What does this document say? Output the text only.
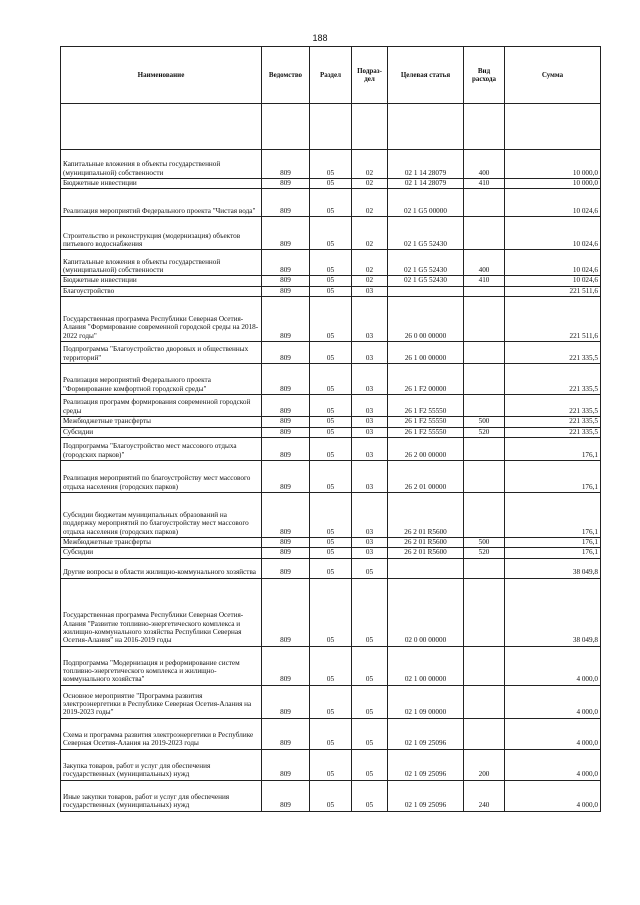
188
Наименование	Ведомство	Раздел	Подраз-дел	Целевая статья	Вид расхода	Сумма

Капитальные вложения в объекты государственной (муниципальной) собственности	809	05	02	02 1 14 28079	400	10 000,0
Бюджетные инвестиции	809	05	02	02 1 14 28079	410	10 000,0
Реализация мероприятий Федерального проекта "Чистая вода"	809	05	02	02 1 G5 00000		10 024,6
Строительство и реконструкция (модернизация) объектов питьевого водоснабжения	809	05	02	02 1 G5 52430		10 024,6
Капитальные вложения в объекты государственной (муниципальной) собственности	809	05	02	02 1 G5 52430	400	10 024,6
Бюджетные инвестиции	809	05	02	02 1 G5 52430	410	10 024,6
Благоустройство	809	05	03			221 511,6
Государственная программа Республики Северная Осетия-Алания "Формирование современной городской среды на 2018-2022 годы"	809	05	03	26 0 00 00000		221 511,6
Подпрограмма "Благоустройство дворовых и общественных территорий"	809	05	03	26 1 00 00000		221 335,5
Реализация мероприятий Федерального проекта "Формирование комфортной городской среды"	809	05	03	26 1 F2 00000		221 335,5
Реализация программ формирования современной городской среды	809	05	03	26 1 F2 55550		221 335,5
Межбюджетные трансферты	809	05	03	26 1 F2 55550	500	221 335,5
Субсидии	809	05	03	26 1 F2 55550	520	221 335,5
Подпрограмма "Благоустройство мест массового отдыха (городских парков)"	809	05	03	26 2 00 00000		176,1
Реализация мероприятий по благоустройству мест массового отдыха населения (городских парков)	809	05	03	26 2 01 00000		176,1
Субсидии бюджетам муниципальных образований на поддержку мероприятий по благоустройству мест массового отдыха населения (городских парков)	809	05	03	26 2 01 R5600		176,1
Межбюджетные трансферты	809	05	03	26 2 01 R5600	500	176,1
Субсидии	809	05	03	26 2 01 R5600	520	176,1
Другие вопросы в области жилищно-коммунального хозяйства	809	05	05			38 049,8
Государственная программа Республики Северная Осетия-Алания "Развитие топливно-энергетического комплекса и жилищно-коммунального хозяйства Республики Северная Осетия-Алания" на 2016-2019 годы	809	05	05	02 0 00 00000		38 049,8
Подпрограмма "Модернизация и реформирование систем топливно-энергетического комплекса и жилищно-коммунального хозяйства"	809	05	05	02 1 00 00000		4 000,0
Основное мероприятие "Программа развития электроэнергетики в Республике Северная Осетия-Алания на 2019-2023 годы"	809	05	05	02 1 09 00000		4 000,0
Схема и программа развития электроэнергетики в Республике Северная Осетия-Алания на 2019-2023 годы	809	05	05	02 1 09 25096		4 000,0
Закупка товаров, работ и услуг для обеспечения государственных (муниципальных) нужд	809	05	05	02 1 09 25096	200	4 000,0
Иные закупки товаров, работ и услуг для обеспечения государственных (муниципальных) нужд	809	05	05	02 1 09 25096	240	4 000,0
